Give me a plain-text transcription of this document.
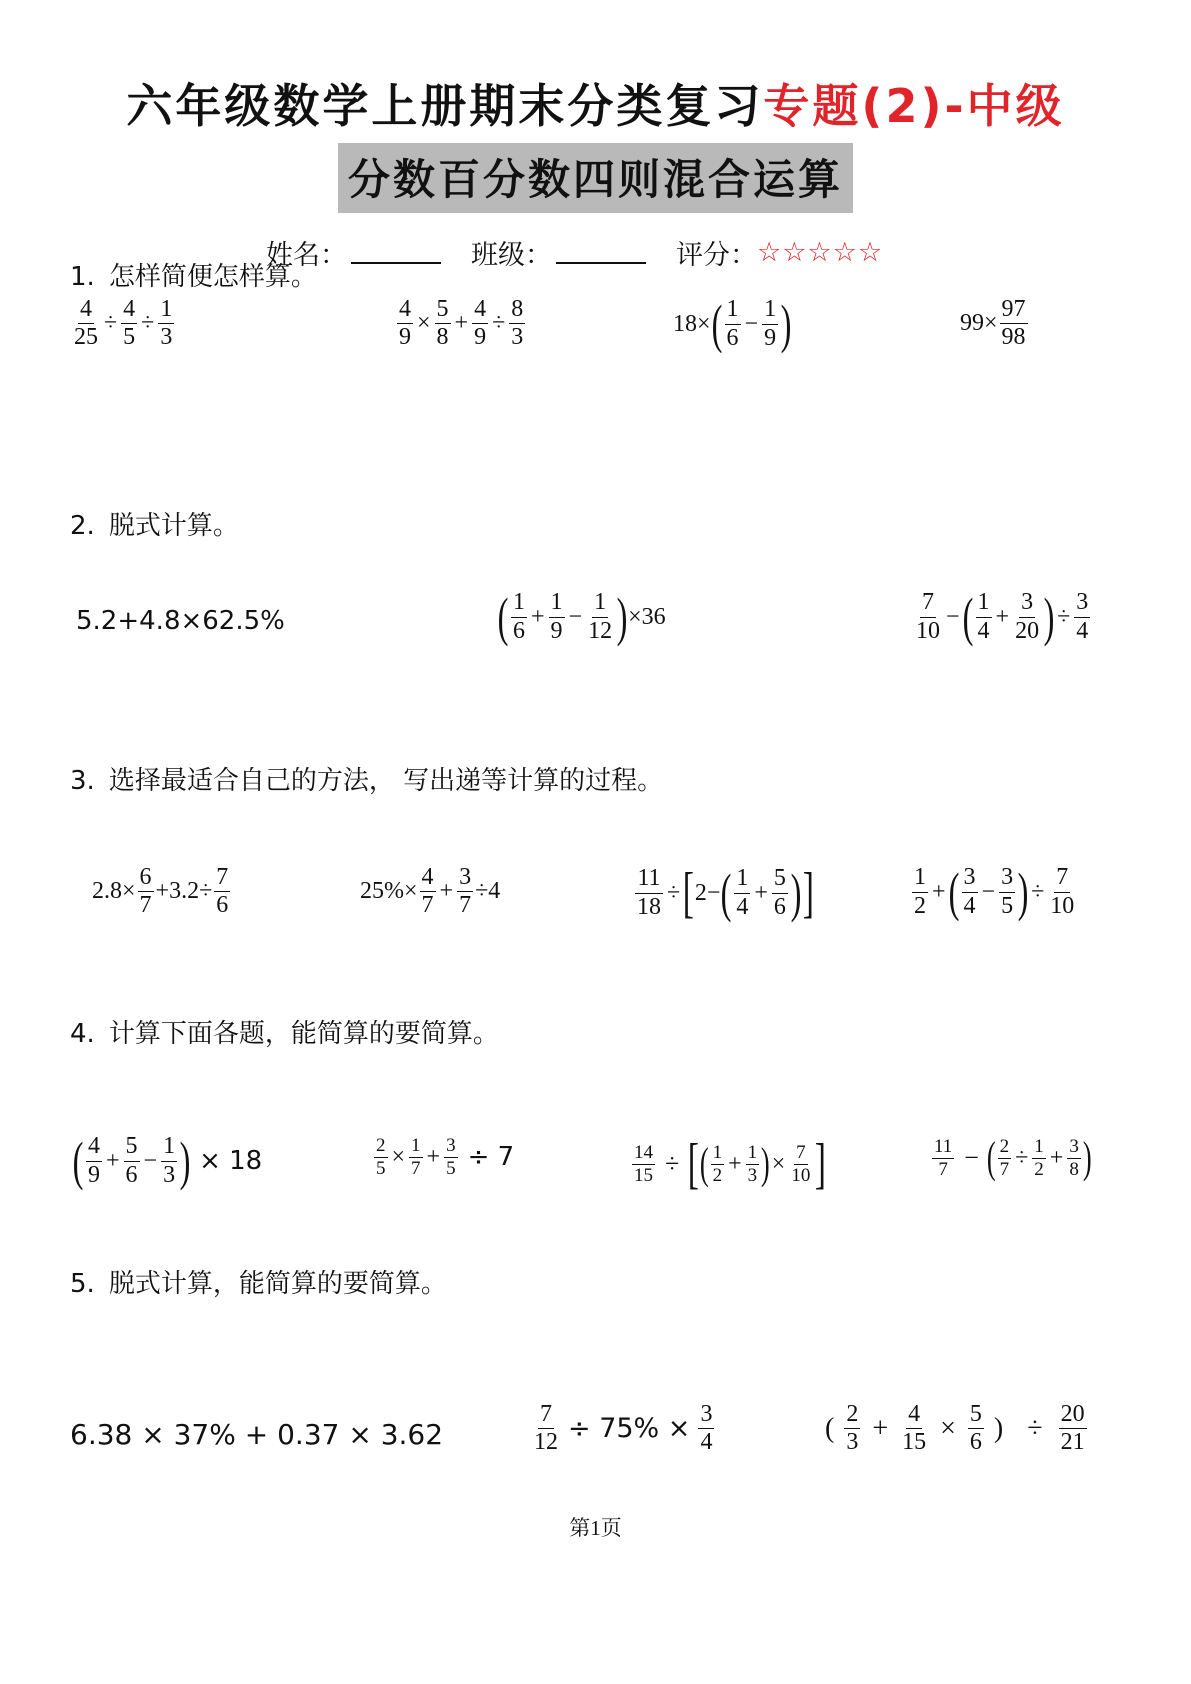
六年级数学上册期末分类复习专题(2)-中级
分数百分数四则混合运算
姓名：	班级：	评分： ☆☆☆☆☆
1. 怎样简便怎样算。
2. 脱式计算。
3. 选择最适合自己的方法， 写出递等计算的过程。
4. 计算下面各题，能简算的要简算。
5. 脱式计算，能简算的要简算。
$\frac{4}{25} \div \frac{4}{5} \div \frac{1}{3}$	$\frac{4}{9} \times \frac{5}{8} + \frac{4}{9} \div \frac{8}{3}$	18× ( $\frac{1}{6} - \frac{1}{9}$ )	$99\times \frac{97}{98}$
5.2+4.8×62.5%	( $\frac{1}{6} + \frac{1}{9} - \frac{1}{12}$ ) ×36	$\frac{7}{10}$ − ( $\frac{1}{4} + \frac{3}{20}$ ) ÷ $\frac{3}{4}$
$2.8\times \frac{6}{7} +3.2\div \frac{7}{6}$	$25\%\times \frac{4}{7} + \frac{3}{7} \div 4$	$\frac{11}{18}$ ÷ [ 2− ( $\frac{1}{4} + \frac{5}{6}$ ) ]	$\frac{1}{2}$ + ( $\frac{3}{4} - \frac{3}{5}$ ) ÷ $\frac{7}{10}$
( $\frac{4}{9} + \frac{5}{6} - \frac{1}{3}$ ) × 18	$\frac{2}{5} \times \frac{1}{7} + \frac{3}{5} \div 7$	$\frac{14}{15}$ ÷ [ ( $\frac{1}{2} + \frac{1}{3}$ ) × $\frac{7}{10}$ ]	$\frac{11}{7}$ − ( $\frac{2}{7} \div \frac{1}{2} + \frac{3}{8}$ )
6.38 × 37% + 0.37 × 3.62	$\frac{7}{12} \div 75\% \times \frac{3}{4}$	( $\frac{2}{3} + \frac{4}{15} \times \frac{5}{6}$ ) ÷ $\frac{20}{21}$
第1页
